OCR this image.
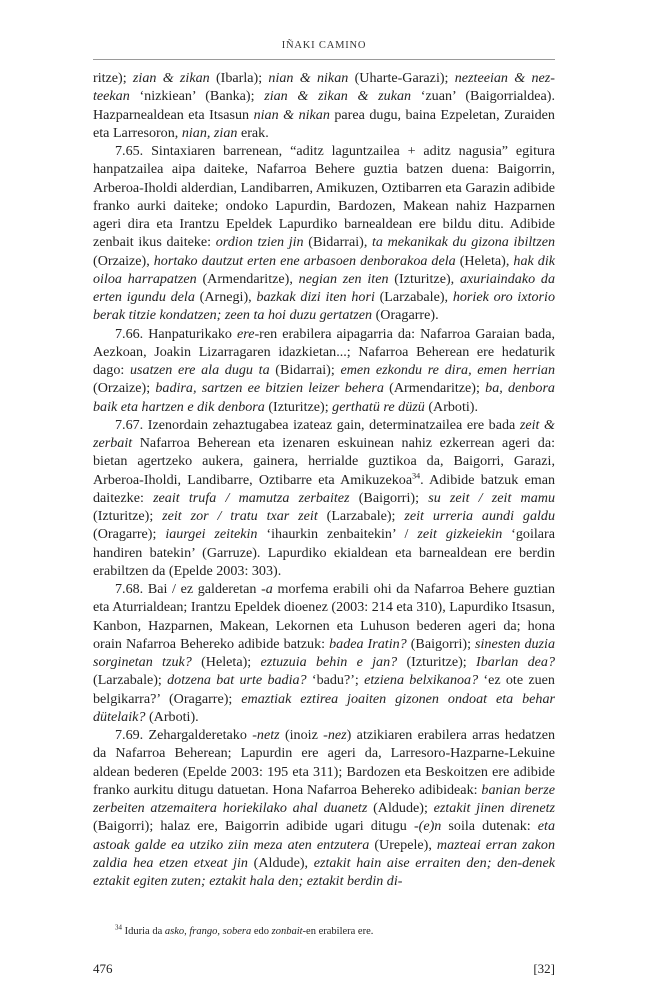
IÑAKI CAMINO

ritze); zian & zikan (Ibarla); nian & nikan (Uharte-Garazi); nezteeian & nezteekan ‘nizkiean’ (Banka); zian & zikan & zukan ‘zuan’ (Baigorrialdea). Hazparnealdean eta Itsasun nian & nikan parea dugu, baina Ezpeletan, Zuraiden eta Larresoron, nian, zian erak.

7.65. Sintaxiaren barrenean, “aditz laguntzailea + aditz nagusia” egitura hanpatzailea aipa daiteke, Nafarroa Behere guztia batzen duena: Baigorrin, Arberoa-Iholdi alderdian, Landibarren, Amikuzen, Oztibarren eta Garazin adibide franko aurki daiteke; ondoko Lapurdin, Bardozen, Makean nahiz Hazparnen ageri dira eta Irantzu Epeldek Lapurdiko barnealdean ere bildu ditu. Adibide zenbait ikus daiteke: ordion tzien jin (Bidarrai), ta mekanikak du gizona ibiltzen (Orzaize), hortako dautzut erten ene arbasoen denborakoa dela (Heleta), hak dik oiloa harrapatzen (Armendaritze), negian zen iten (Izturitze), axuriaindako da erten igundu dela (Arnegi), bazkak dizi iten hori (Larzabale), horiek oro ixtorio berak titzie kondatzen; zeen ta hoi duzu gertatzen (Oragarre).

7.66. Hanpaturikako ere-ren erabilera aipagarria da: Nafarroa Garaian bada, Aezkoan, Joakin Lizarragaren idazkietan...; Nafarroa Beherean ere hedaturik dago: usatzen ere ala dugu ta (Bidarrai); emen ezkondu re dira, emen herrian (Orzaize); badira, sartzen ee bitzien leizer behera (Armendaritze); ba, denbora baik eta hartzen e dik denbora (Izturitze); gerthatü re düzü (Arboti).

7.67. Izenordain zehaztugabea izateaz gain, determinatzailea ere bada zeit & zerbait Nafarroa Beherean eta izenaren eskuinean nahiz ezkerrean ageri da: bietan agertzeko aukera, gainera, herrialde guztikoa da, Baigorri, Garazi, Arberoa-Iholdi, Landibarre, Oztibarre eta Amikuzekoa$^{34}$. Adibide batzuk eman daitezke: zeait trufa / mamutza zerbaitez (Baigorri); su zeit / zeit mamu (Izturitze); zeit zor / tratu txar zeit (Larzabale); zeit urreria aundi galdu (Oragarre); iaurgei zeitekin ‘ihaurkin zenbaitekin’ / zeit gizkeiekin ‘goilara handiren batekin’ (Garruze). Lapurdiko ekialdean eta barnealdean ere berdin erabiltzen da (Epelde 2003: 303).

7.68. Bai / ez galderetan -a morfema erabili ohi da Nafarroa Behere guztian eta Aturrialdean; Irantzu Epeldek dioenez (2003: 214 eta 310), Lapurdiko Itsasun, Kanbon, Hazparnen, Makean, Lekornen eta Luhuson bederen ageri da; hona orain Nafarroa Behereko adibide batzuk: badea Iratin? (Baigorri); sinesten duzia sorginetan tzuk? (Heleta); eztuzuia behin e jan? (Izturitze); Ibarlan dea? (Larzabale); dotzena bat urte badia? ‘badu?’; etziena belxikanoa? ‘ez ote zuen belgikarra?’ (Oragarre); emaztiak eztirea joaiten gizonen ondoat eta behar dütelaik? (Arboti).

7.69. Zehargalderetako -netz (inoiz -nez) atzikiaren erabilera arras hedatzen da Nafarroa Beherean; Lapurdin ere ageri da, Larresoro-Hazparne-Lekuine aldean bederen (Epelde 2003: 195 eta 311); Bardozen eta Beskoitzen ere adibide franko aurkitu ditugu datuetan. Hona Nafarroa Behereko adibideak: banian berze zerbeiten atzemaitera horiekilako ahal duanetz (Aldude); eztakit jinen direnetz (Baigorri); halaz ere, Baigorrin adibide ugari ditugu -(e)n soila dutenak: eta astoak galde ea utziko ziin meza aten entzutera (Urepele), mazteai erran zakon zaldia hea etzen etxeat jin (Aldude), eztakit hain aise erraiten den; den-denek eztakit egiten zuten; eztakit hala den; eztakit berdin di-

$^{34}$ Iduria da asko, frango, sobera edo zonbait-en erabilera ere.
476	[32]
